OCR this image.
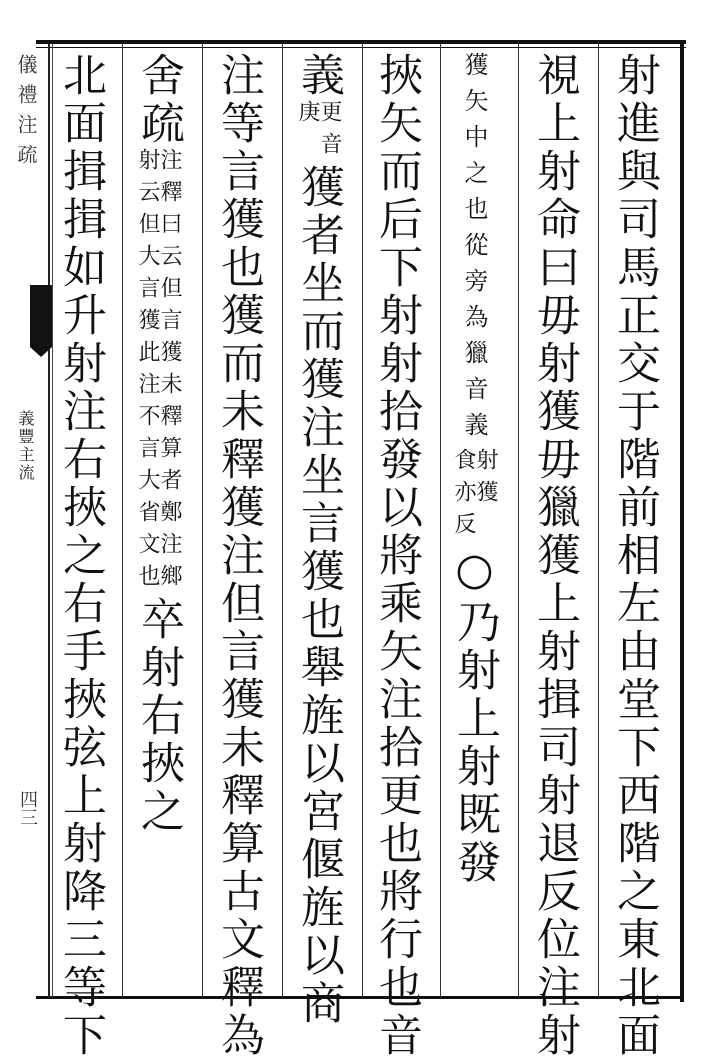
儀禮注疏
義豐主流
四三	射進與司馬正交于階前相左由堂下西階之東北面
視上射命曰毋射獲毋獵獲上射揖司射退反位注射
獲矢中之也從旁為獵音義
射獲
食亦反
○乃射上射既發
挾矢而后下射射拾發以將乘矢注拾更也將行也音
義
更音
庚
獲者坐而獲注坐言獲也舉旌以宮偃旌以商
注等言獲也獲而未釋獲注但言獲未釋算古文釋為
舍疏
注釋曰云但言獲未釋算者鄭注鄉
射云但大言獲此注不言大省文也
卒射右挾之
北面揖揖如升射注右挾之右手挾弦上射降三等下
